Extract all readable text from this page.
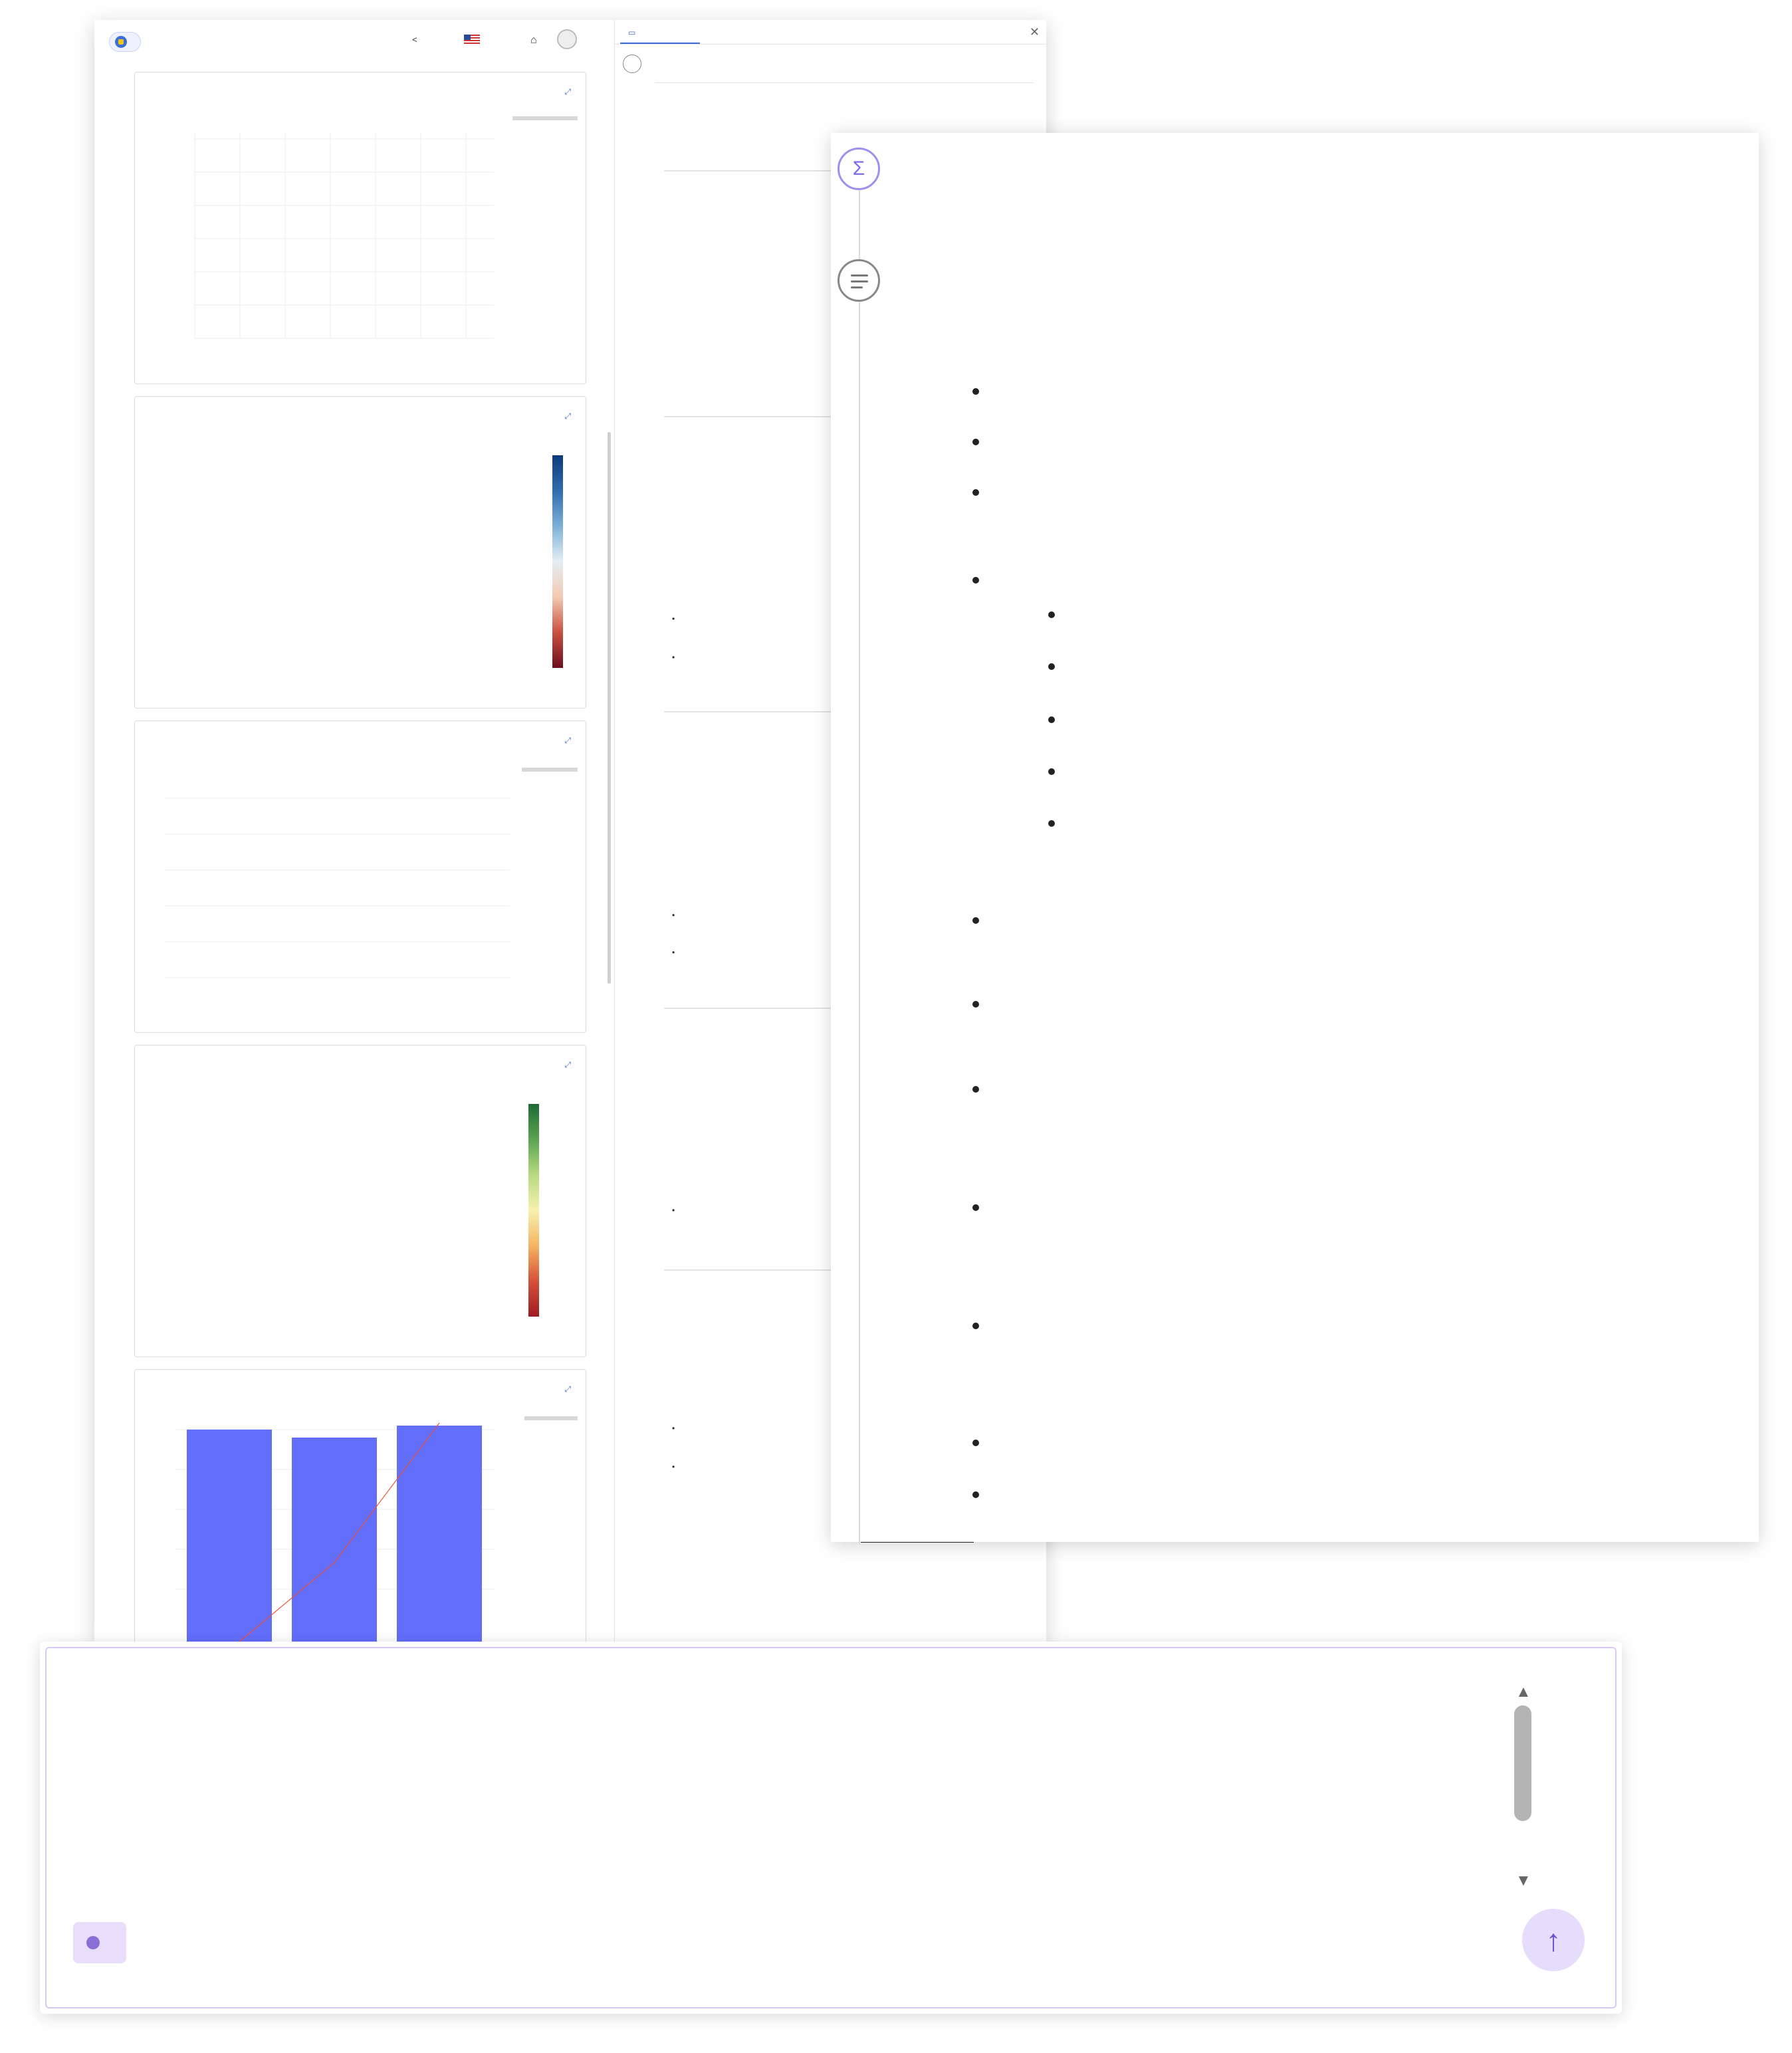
<	⌂
⤢
⤢
⤢
⤢
⤢
▭	✕

•

•

•

•

Σ

▲
▼
↑
